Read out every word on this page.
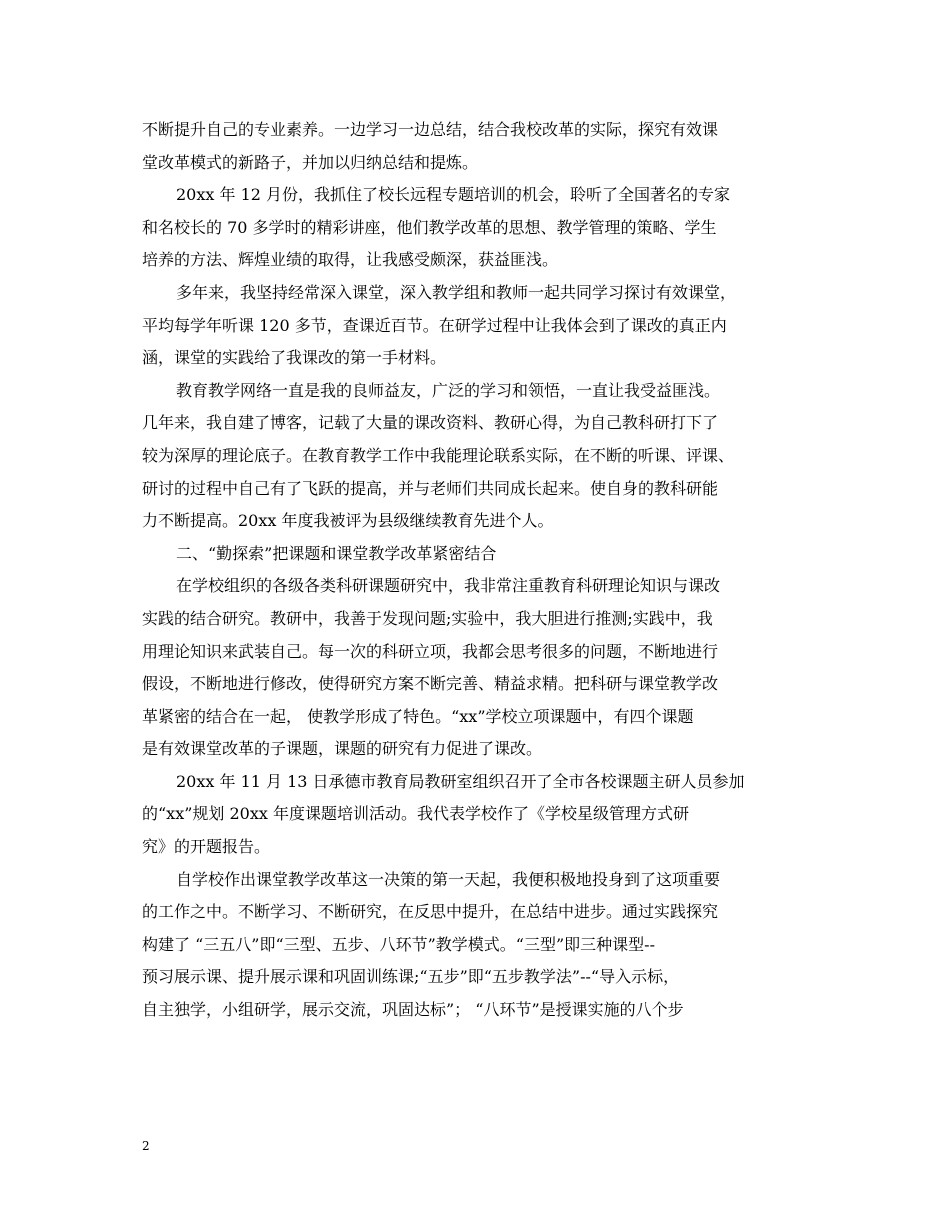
不断提升自己的专业素养。一边学习一边总结，结合我校改革的实际，探究有效课
堂改革模式的新路子，并加以归纳总结和提炼。
20xx 年 12 月份，我抓住了校长远程专题培训的机会，聆听了全国著名的专家
和名校长的 70 多学时的精彩讲座，他们教学改革的思想、教学管理的策略、学生
培养的方法、辉煌业绩的取得，让我感受颇深，获益匪浅。
多年来，我坚持经常深入课堂，深入教学组和教师一起共同学习探讨有效课堂，
平均每学年听课 120 多节，查课近百节。在研学过程中让我体会到了课改的真正内
涵，课堂的实践给了我课改的第一手材料。
教育教学网络一直是我的良师益友，广泛的学习和领悟，一直让我受益匪浅。
几年来，我自建了博客，记载了大量的课改资料、教研心得，为自己教科研打下了
较为深厚的理论底子。在教育教学工作中我能理论联系实际，在不断的听课、评课、
研讨的过程中自己有了飞跃的提高，并与老师们共同成长起来。使自身的教科研能
力不断提高。20xx 年度我被评为县级继续教育先进个人。
二、“勤探索”把课题和课堂教学改革紧密结合
在学校组织的各级各类科研课题研究中，我非常注重教育科研理论知识与课改
实践的结合研究。教研中，我善于发现问题;实验中，我大胆进行推测;实践中，我
用理论知识来武装自己。每一次的科研立项，我都会思考很多的问题，不断地进行
假设，不断地进行修改，使得研究方案不断完善、精益求精。把科研与课堂教学改
革紧密的结合在一起， 使教学形成了特色。“xx”学校立项课题中，有四个课题
是有效课堂改革的子课题，课题的研究有力促进了课改。
20xx 年 11 月 13 日承德市教育局教研室组织召开了全市各校课题主研人员参加
的“xx”规划 20xx 年度课题培训活动。我代表学校作了《学校星级管理方式研
究》的开题报告。
自学校作出课堂教学改革这一决策的第一天起，我便积极地投身到了这项重要
的工作之中。不断学习、不断研究，在反思中提升，在总结中进步。通过实践探究
构建了 “三五八”即“三型、五步、八环节”教学模式。“三型”即三种课型--
预习展示课、提升展示课和巩固训练课;“五步”即“五步教学法”--“导入示标，
自主独学，小组研学，展示交流，巩固达标”； “八环节”是授课实施的八个步
2
